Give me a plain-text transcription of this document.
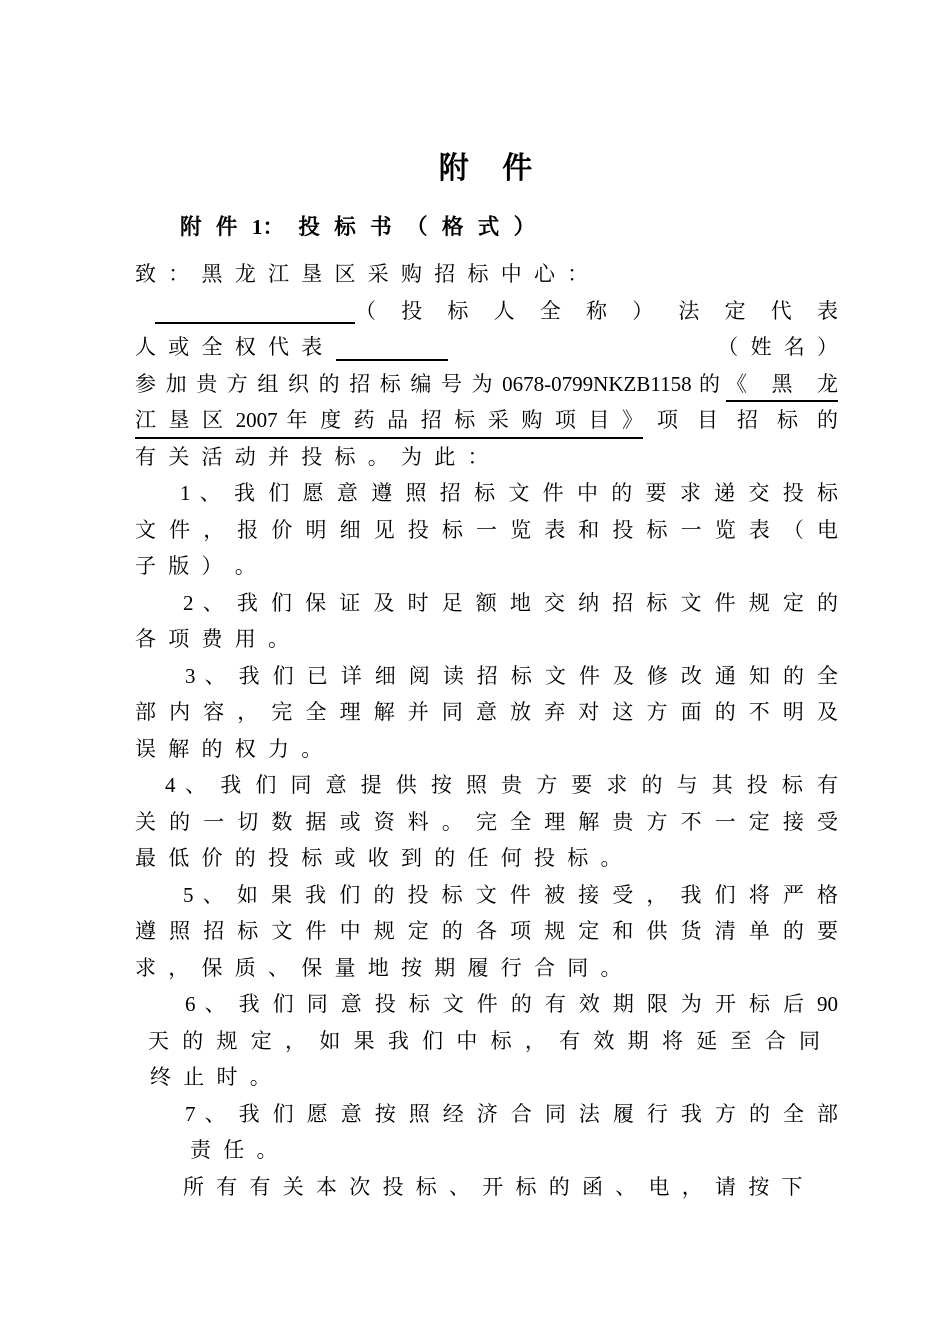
附 件
附 件 1： 投 标 书 （ 格 式 ）
致 ： 黑 龙 江 垦 区 采 购 招 标 中 心 ：
（ 投 标 人 全 称 ） 法 定 代 表
人 或 全 权 代 表	（ 姓 名 ）
参 加 贵 方 组 织 的 招 标 编 号 为 0678-0799NKZB1158 的 《 黑 龙
江 垦 区 2007 年 度 药 品 招 标 采 购 项 目 》 项 目 招 标 的
有 关 活 动 并 投 标 。 为 此 ：
1 、 我 们 愿 意 遵 照 招 标 文 件 中 的 要 求 递 交 投 标
文 件 ， 报 价 明 细 见 投 标 一 览 表 和 投 标 一 览 表 （ 电
子 版 ） 。
2 、 我 们 保 证 及 时 足 额 地 交 纳 招 标 文 件 规 定 的
各 项 费 用 。
3 、 我 们 已 详 细 阅 读 招 标 文 件 及 修 改 通 知 的 全
部 内 容 ， 完 全 理 解 并 同 意 放 弃 对 这 方 面 的 不 明 及
误 解 的 权 力 。
4 、 我 们 同 意 提 供 按 照 贵 方 要 求 的 与 其 投 标 有
关 的 一 切 数 据 或 资 料 。 完 全 理 解 贵 方 不 一 定 接 受
最 低 价 的 投 标 或 收 到 的 任 何 投 标 。
5 、 如 果 我 们 的 投 标 文 件 被 接 受 ， 我 们 将 严 格
遵 照 招 标 文 件 中 规 定 的 各 项 规 定 和 供 货 清 单 的 要
求 ， 保 质 、 保 量 地 按 期 履 行 合 同 。
6 、 我 们 同 意 投 标 文 件 的 有 效 期 限 为 开 标 后 90
天 的 规 定 ， 如 果 我 们 中 标 ， 有 效 期 将 延 至 合 同
终 止 时 。
7 、 我 们 愿 意 按 照 经 济 合 同 法 履 行 我 方 的 全 部
责 任 。
所 有 有 关 本 次 投 标 、 开 标 的 函 、 电 ， 请 按 下
